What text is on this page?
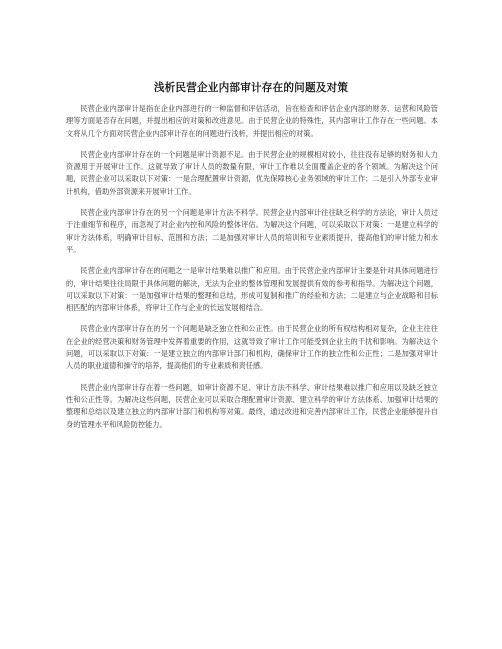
浅析民营企业内部审计存在的问题及对策

民营企业内部审计是指在企业内部进行的一种监督和评估活动，旨在检查和评估企业内部的财务、运营和风险管理等方面是否存在问题，并提出相应的对策和改进意见。由于民营企业的特殊性，其内部审计工作存在一些问题。本文将从几个方面对民营企业内部审计存在的问题进行浅析，并提出相应的对策。

民营企业内部审计存在的一个问题是审计资源不足。由于民营企业的规模相对较小，往往没有足够的财务和人力资源用于开展审计工作。这就导致了审计人员的数量有限，审计工作难以全面覆盖企业的各个领域。为解决这个问题，民营企业可以采取以下对策：一是合理配置审计资源，优先保障核心业务领域的审计工作；二是引入外部专业审计机构，借助外部资源来开展审计工作。

民营企业内部审计存在的另一个问题是审计方法不科学。民营企业内部审计往往缺乏科学的方法论，审计人员过于注重细节和程序，而忽视了对企业内控和风险的整体评估。为解决这个问题，可以采取以下对策：一是建立科学的审计方法体系，明确审计目标、范围和方法；二是加强对审计人员的培训和专业素质提升，提高他们的审计能力和水平。

民营企业内部审计存在的问题之一是审计结果难以推广和应用。由于民营企业内部审计主要是针对具体问题进行的，审计结果往往局限于具体问题的解决，无法为企业的整体管理和发展提供有效的参考和指导。为解决这个问题，可以采取以下对策：一是加强审计结果的整理和总结，形成可复制和推广的经验和方法；二是建立与企业战略和目标相匹配的内部审计体系，将审计工作与企业的长远发展相结合。

民营企业内部审计存在的另一个问题是缺乏独立性和公正性。由于民营企业的所有权结构相对复杂，企业主往往在企业的经营决策和财务管理中发挥着重要的作用，这就导致了审计工作可能受到企业主的干扰和影响。为解决这个问题，可以采取以下对策：一是建立独立的内部审计部门和机构，确保审计工作的独立性和公正性；二是加强对审计人员的职业道德和操守的培养，提高他们的专业素质和责任感。

民营企业内部审计存在着一些问题，如审计资源不足、审计方法不科学、审计结果难以推广和应用以及缺乏独立性和公正性等。为解决这些问题，民营企业可以采取合理配置审计资源、建立科学的审计方法体系、加强审计结果的整理和总结以及建立独立的内部审计部门和机构等对策。最终，通过改进和完善内部审计工作，民营企业能够提升自身的管理水平和风险防控能力。
